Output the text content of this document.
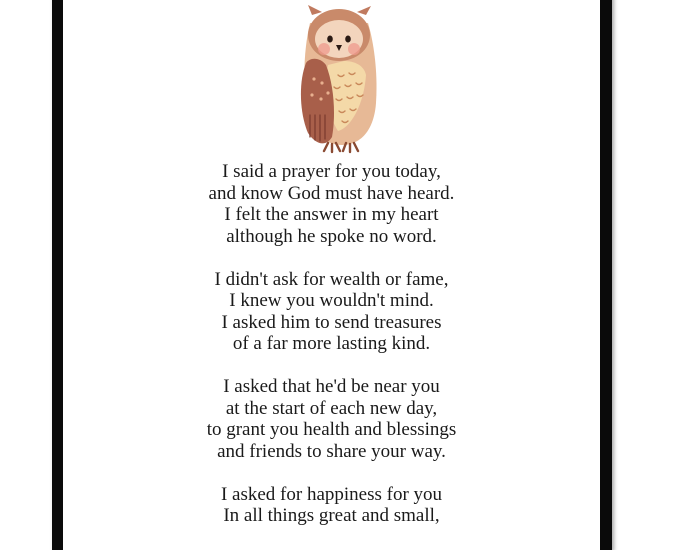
I said a prayer for you today,
and know God must have heard.
I felt the answer in my heart
although he spoke no word.
I didn't ask for wealth or fame,
I knew you wouldn't mind.
I asked him to send treasures
of a far more lasting kind.
I asked that he'd be near you
at the start of each new day,
to grant you health and blessings
and friends to share your way.
I asked for happiness for you
In all things great and small,
